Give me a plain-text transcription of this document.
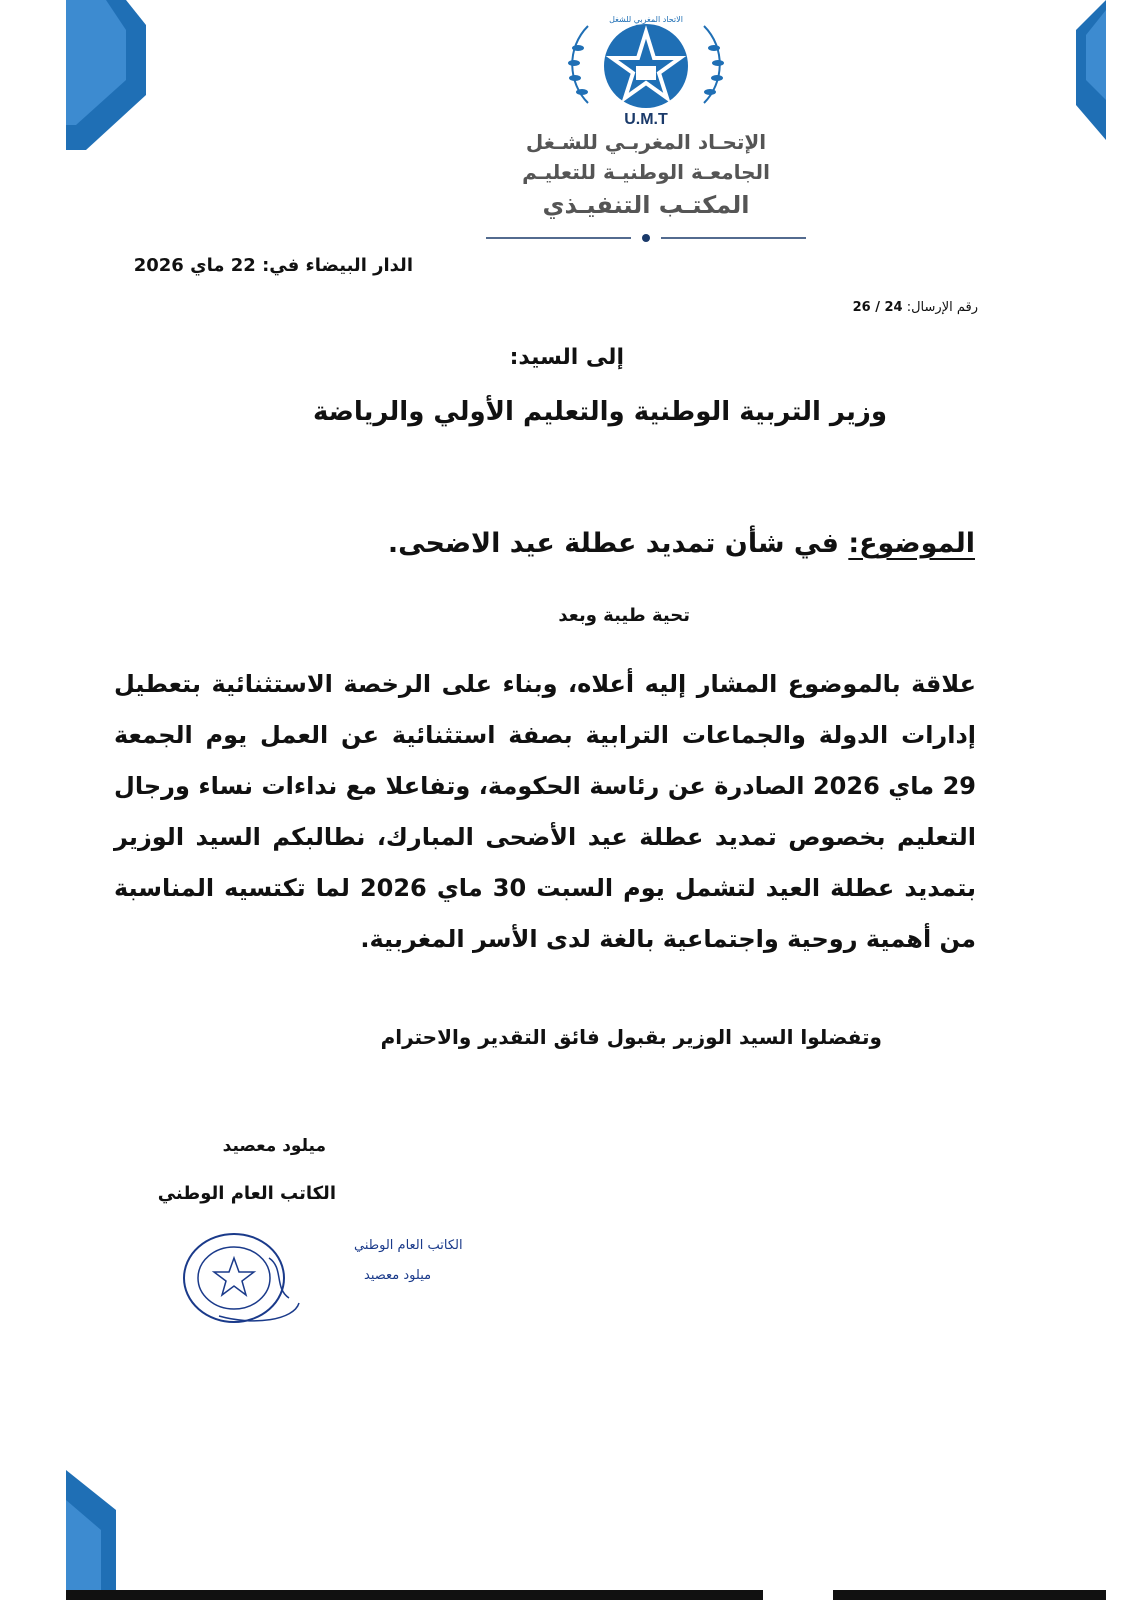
الاتحاد المغربي للشغل
U.M.T
الإتحـاد المغربـي للشـغل
الجامعـة الوطنيـة للتعليـم
المكتـب التنفيـذي
الدار البيضاء في: 22 ماي 2026
رقم الإرسال: 24 / 26
إلى السيد:
وزير التربية الوطنية والتعليم الأولي والرياضة
الموضوع: في شأن تمديد عطلة عيد الاضحى.
تحية طيبة وبعد
علاقة بالموضوع المشار إليه أعلاه، وبناء على الرخصة الاستثنائية بتعطيل إدارات الدولة والجماعات الترابية بصفة استثنائية عن العمل يوم الجمعة 29 ماي 2026 الصادرة عن رئاسة الحكومة، وتفاعلا مع نداءات نساء ورجال التعليم بخصوص تمديد عطلة عيد الأضحى المبارك، نطالبكم السيد الوزير بتمديد عطلة العيد لتشمل يوم السبت 30 ماي 2026 لما تكتسيه المناسبة من أهمية روحية واجتماعية بالغة لدى الأسر المغربية.
وتفضلوا السيد الوزير بقبول فائق التقدير والاحترام
ميلود معصيد
الكاتب العام الوطني
الكاتب العام الوطني
ميلود معصيد
